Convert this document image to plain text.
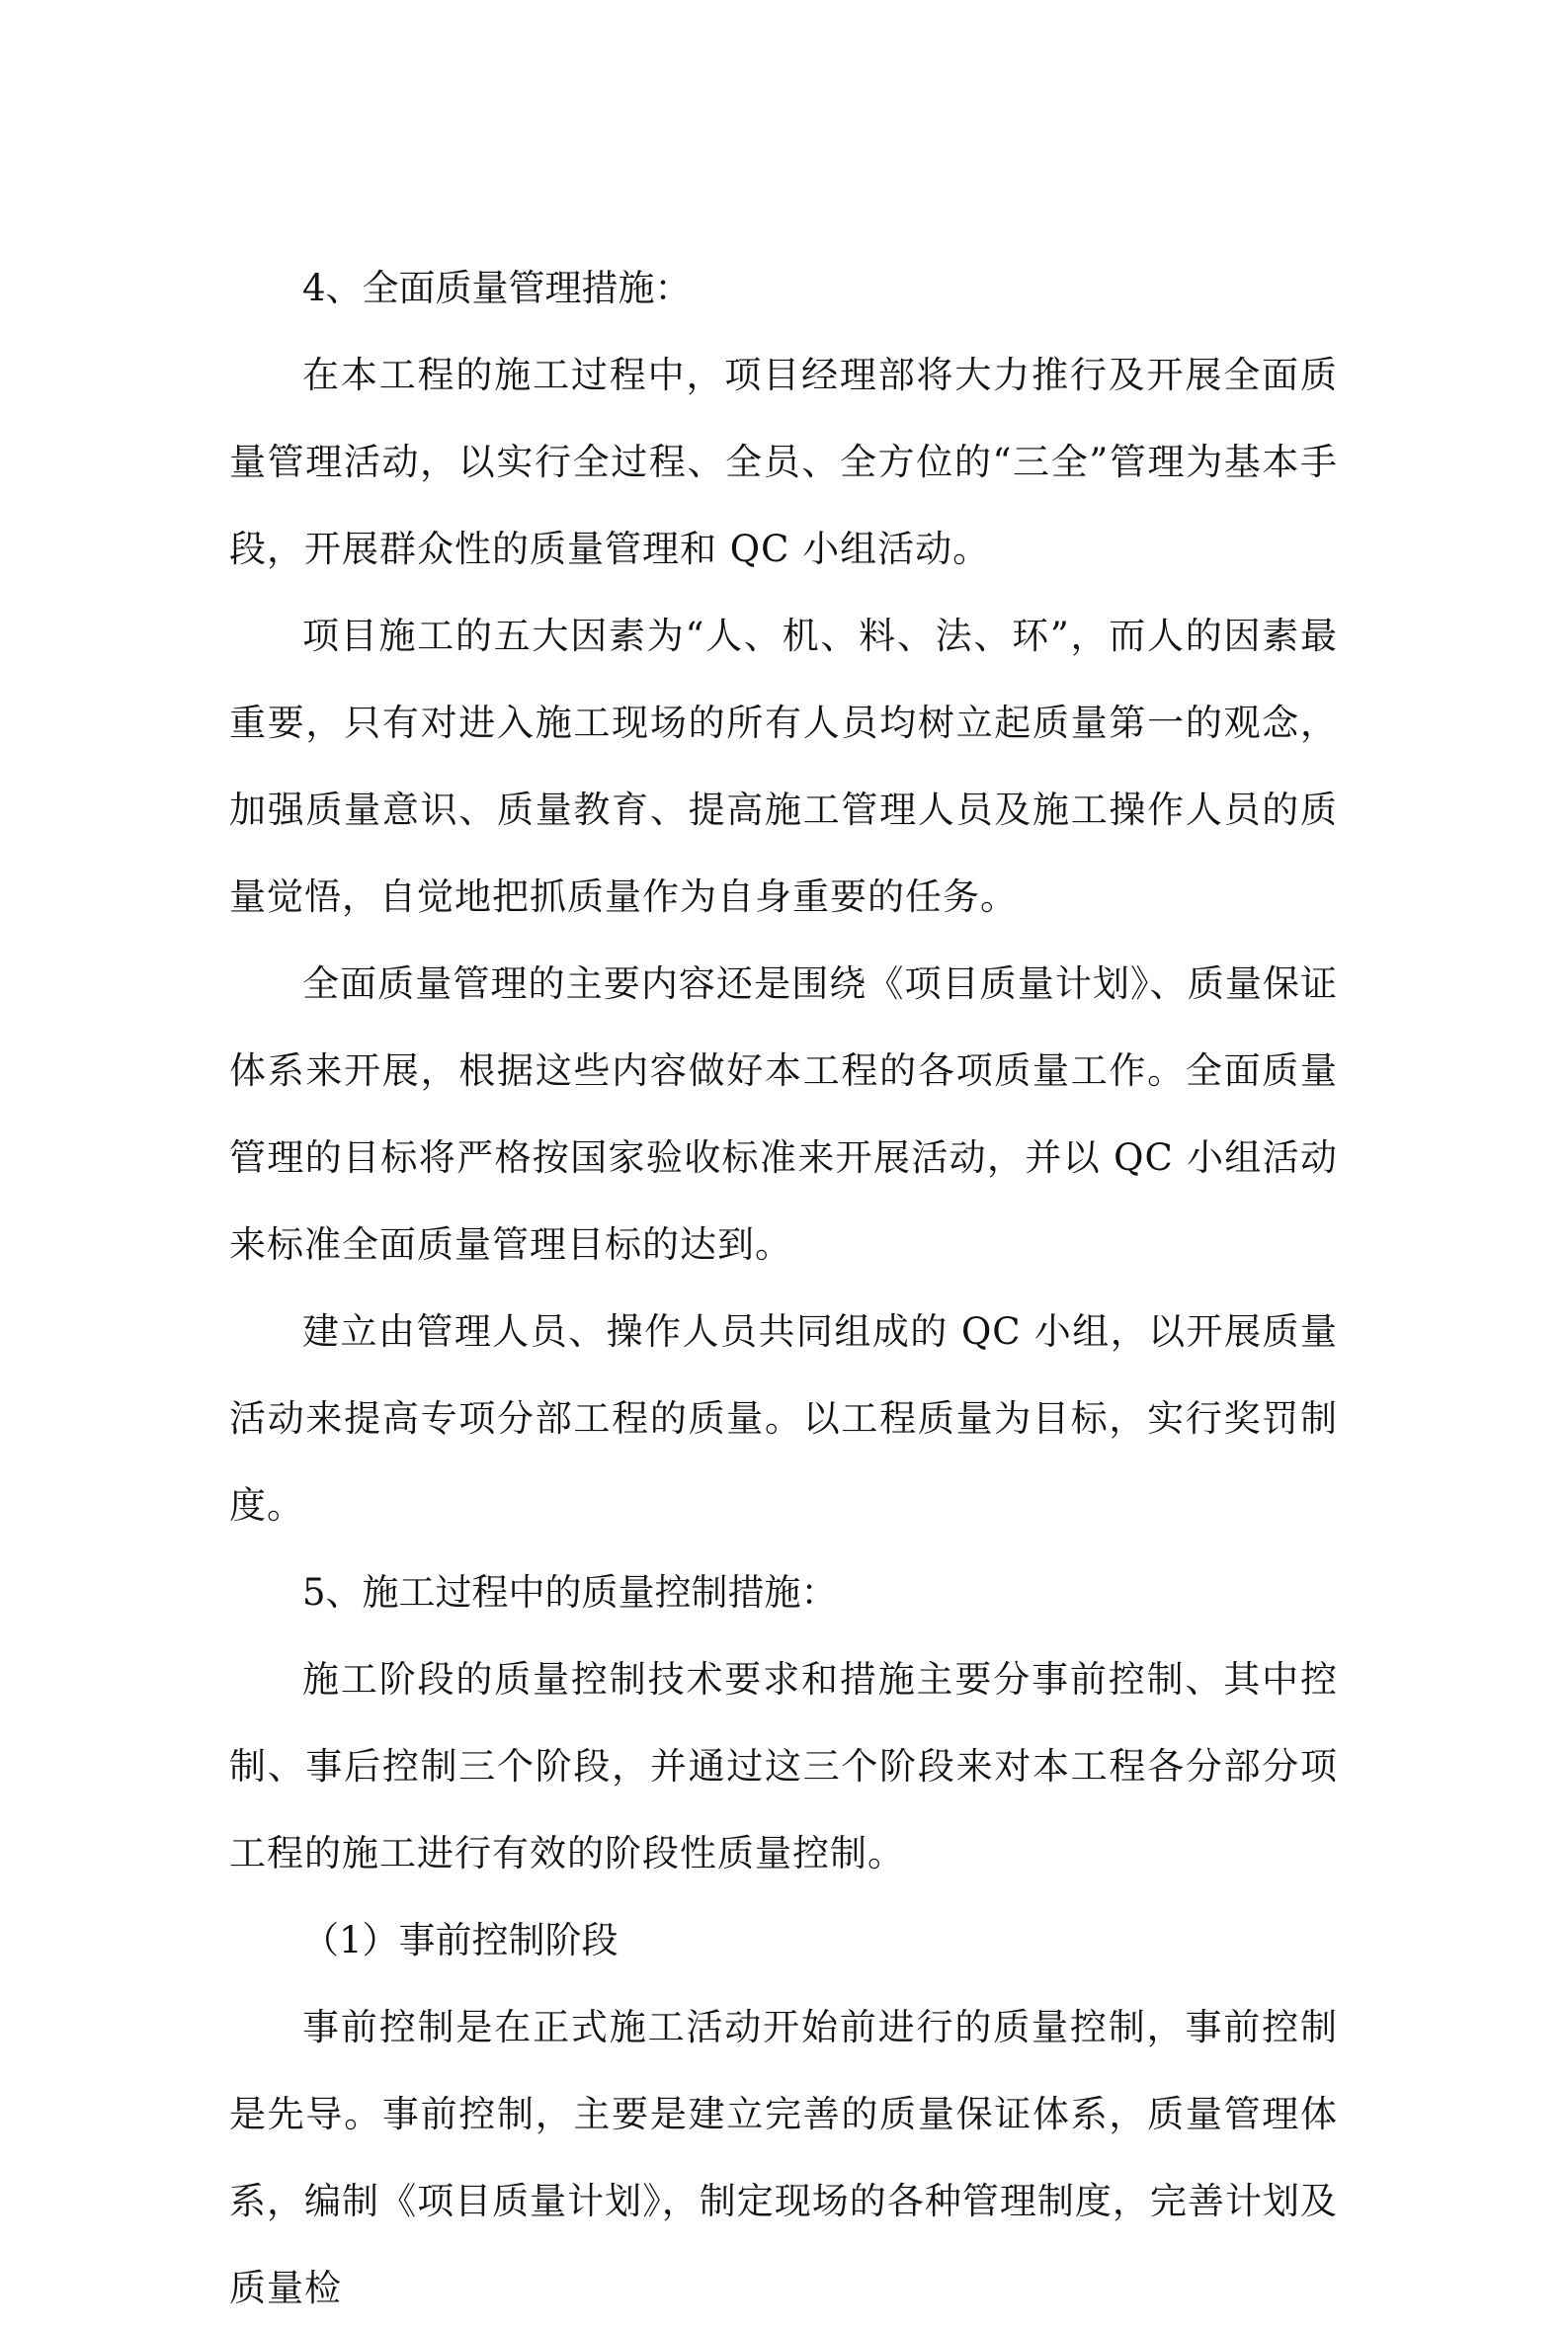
4、全面质量管理措施：

在本工程的施工过程中，项目经理部将大力推行及开展全面质量管理活动，以实行全过程、全员、全方位的“三全”管理为基本手段，开展群众性的质量管理和 QC 小组活动。

项目施工的五大因素为“人、机、料、法、环”，而人的因素最重要，只有对进入施工现场的所有人员均树立起质量第一的观念，加强质量意识、质量教育、提高施工管理人员及施工操作人员的质量觉悟，自觉地把抓质量作为自身重要的任务。

全面质量管理的主要内容还是围绕《项目质量计划》、质量保证体系来开展，根据这些内容做好本工程的各项质量工作。全面质量管理的目标将严格按国家验收标准来开展活动，并以 QC 小组活动来标准全面质量管理目标的达到。

建立由管理人员、操作人员共同组成的 QC 小组，以开展质量活动来提高专项分部工程的质量。以工程质量为目标，实行奖罚制度。

5、施工过程中的质量控制措施：

施工阶段的质量控制技术要求和措施主要分事前控制、其中控制、事后控制三个阶段，并通过这三个阶段来对本工程各分部分项工程的施工进行有效的阶段性质量控制。

（1）事前控制阶段

事前控制是在正式施工活动开始前进行的质量控制，事前控制是先导。事前控制，主要是建立完善的质量保证体系，质量管理体系，编制《项目质量计划》，制定现场的各种管理制度，完善计划及质量检
